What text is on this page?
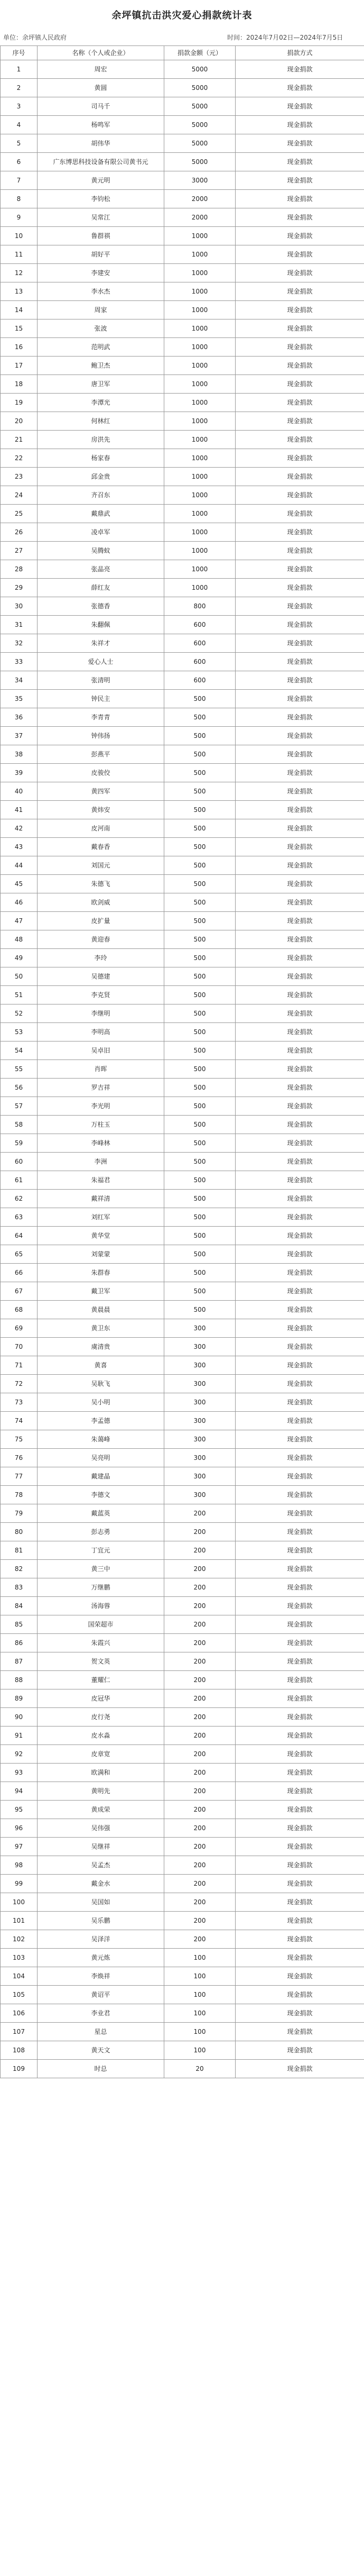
余坪镇抗击洪灾爱心捐款统计表
单位：余坪镇人民政府	时间：2024年7月02日—2024年7月5日
序号	名称（个人或企业）	捐款金额（元）	捐款方式
1	周宏	5000	现金捐款
2	黄圆	5000	现金捐款
3	司马千	5000	现金捐款
4	杨鸣军	5000	现金捐款
5	胡伟华	5000	现金捐款
6	广东博思科技设备有限公司黄书元	5000	现金捐款
7	黄元明	3000	现金捐款
8	李钧松	2000	现金捐款
9	吴常江	2000	现金捐款
10	鲁群祺	1000	现金捐款
11	胡好平	1000	现金捐款
12	李建安	1000	现金捐款
13	李水杰	1000	现金捐款
14	周家	1000	现金捐款
15	张波	1000	现金捐款
16	范明武	1000	现金捐款
17	鲍卫杰	1000	现金捐款
18	唐卫军	1000	现金捐款
19	李潭光	1000	现金捐款
20	何林红	1000	现金捐款
21	房洪先	1000	现金捐款
22	杨家春	1000	现金捐款
23	邱金贵	1000	现金捐款
24	齐召东	1000	现金捐款
25	戴鼎武	1000	现金捐款
26	凌卓军	1000	现金捐款
27	吴腾蚊	1000	现金捐款
28	张晶亮	1000	现金捐款
29	薛红友	1000	现金捐款
30	张德香	800	现金捐款
31	朱翻佩	600	现金捐款
32	朱祥才	600	现金捐款
33	爱心人士	600	现金捐款
34	张清明	600	现金捐款
35	钟民主	500	现金捐款
36	李青青	500	现金捐款
37	钟伟扬	500	现金捐款
38	彭燕平	500	现金捐款
39	皮骏佼	500	现金捐款
40	黄四军	500	现金捐款
41	黄炜安	500	现金捐款
42	皮河南	500	现金捐款
43	戴春香	500	现金捐款
44	刘国元	500	现金捐款
45	朱德飞	500	现金捐款
46	欧剑威	500	现金捐款
47	皮扩量	500	现金捐款
48	黄迎春	500	现金捐款
49	李玲	500	现金捐款
50	吴德建	500	现金捐款
51	李克贤	500	现金捐款
52	李继明	500	现金捐款
53	李明高	500	现金捐款
54	吴卓旧	500	现金捐款
55	肖晖	500	现金捐款
56	罗吉祥	500	现金捐款
57	李光明	500	现金捐款
58	万柱玉	500	现金捐款
59	李峰林	500	现金捐款
60	李洲	500	现金捐款
61	朱福君	500	现金捐款
62	戴祥清	500	现金捐款
63	刘红军	500	现金捐款
64	黄华堂	500	现金捐款
65	刘蒙蒙	500	现金捐款
66	朱群春	500	现金捐款
67	戴卫军	500	现金捐款
68	黄晨晨	500	现金捐款
69	黄卫东	300	现金捐款
70	虞清贵	300	现金捐款
71	黄喜	300	现金捐款
72	吴耿飞	300	现金捐款
73	吴小明	300	现金捐款
74	李孟德	300	现金捐款
75	朱蔼峰	300	现金捐款
76	吴亮明	300	现金捐款
77	戴建晶	300	现金捐款
78	李德文	300	现金捐款
79	戴蓝英	200	现金捐款
80	彭志勇	200	现金捐款
81	丁宜元	200	现金捐款
82	黄三中	200	现金捐款
83	万继鹏	200	现金捐款
84	汤海蓉	200	现金捐款
85	国荣超市	200	现金捐款
86	朱霞兴	200	现金捐款
87	贺文英	200	现金捐款
88	董耀仁	200	现金捐款
89	皮冠华	200	现金捐款
90	皮行尧	200	现金捐款
91	皮水淼	200	现金捐款
92	皮章宽	200	现金捐款
93	欧满和	200	现金捐款
94	黄明先	200	现金捐款
95	黄成荣	200	现金捐款
96	吴伟强	200	现金捐款
97	吴继祥	200	现金捐款
98	吴孟杰	200	现金捐款
99	戴金水	200	现金捐款
100	吴国如	200	现金捐款
101	吴乐鹏	200	现金捐款
102	吴泽洋	200	现金捐款
103	黄元炼	100	现金捐款
104	李焕祥	100	现金捐款
105	黄诏平	100	现金捐款
106	李业君	100	现金捐款
107	星总	100	现金捐款
108	黄天文	100	现金捐款
109	时总	20	现金捐款
